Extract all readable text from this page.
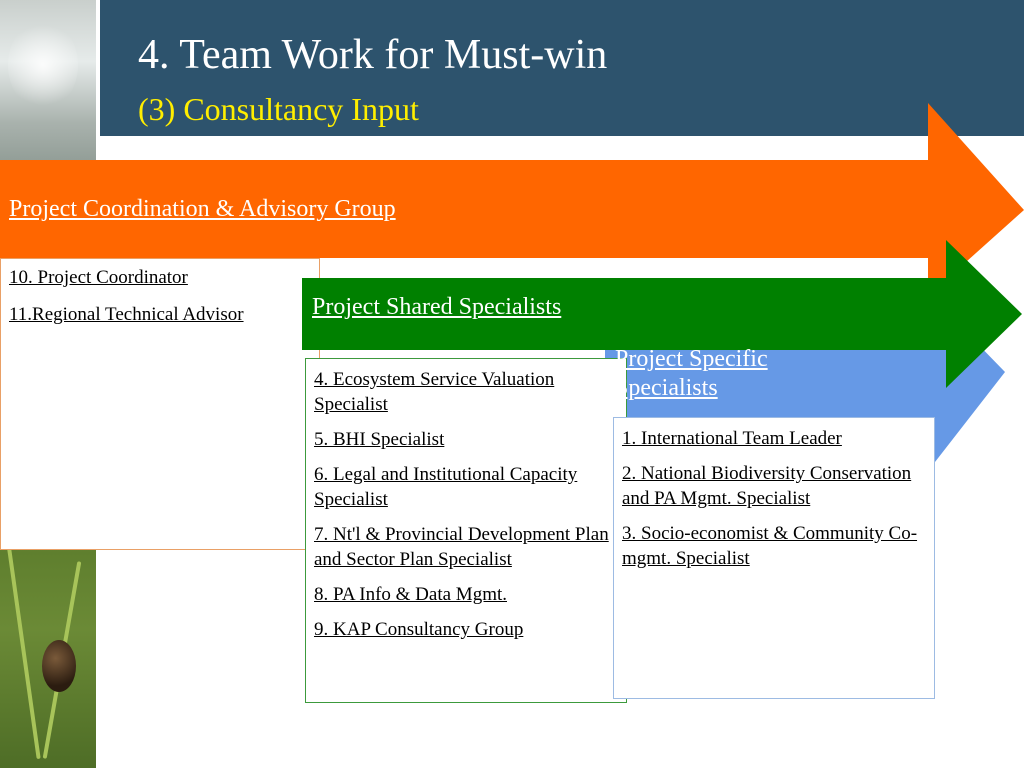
4. Team Work for Must-win
(3) Consultancy Input
Project Coordination & Advisory Group
10. Project Coordinator
11.Regional Technical Advisor	Project Shared Specialists
4. Ecosystem Service Valuation Specialist
5. BHI Specialist
6. Legal and Institutional Capacity Specialist
7. Nt'l & Provincial Development Plan and Sector Plan Specialist
8. PA Info & Data Mgmt.
9. KAP Consultancy Group
Project Specific Specialists
1. International Team Leader
2. National Biodiversity Conservation and PA Mgmt. Specialist
3. Socio-economist & Community Co-mgmt. Specialist
